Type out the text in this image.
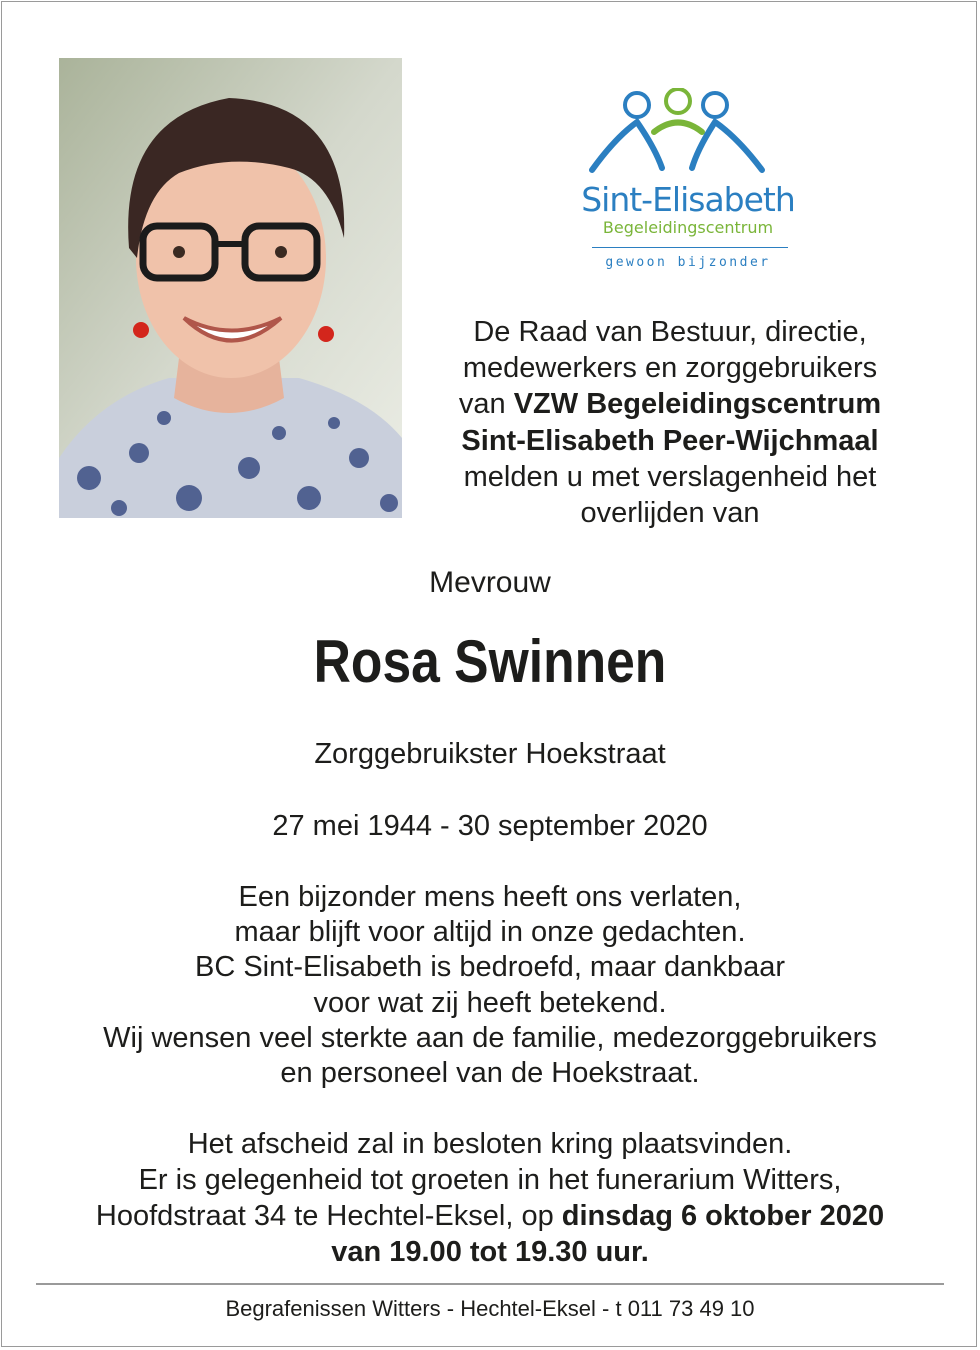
Sint-Elisabeth
Begeleidingscentrum
gewoon bijzonder

De Raad van Bestuur, directie,

medewerkers en zorggebruikers

van VZW Begeleidingscentrum

Sint-Elisabeth Peer-Wijchmaal

melden u met verslagenheid het

overlijden van

Mevrouw
Rosa Swinnen
Zorggebruikster Hoekstraat
27 mei 1944 - 30 september 2020

Een bijzonder mens heeft ons verlaten,

maar blijft voor altijd in onze gedachten.

BC Sint-Elisabeth is bedroefd, maar dankbaar

voor wat zij heeft betekend.

Wij wensen veel sterkte aan de familie, medezorggebruikers

en personeel van de Hoekstraat.

Het afscheid zal in besloten kring plaatsvinden.

Er is gelegenheid tot groeten in het funerarium Witters,

Hoofdstraat 34 te Hechtel-Eksel, op dinsdag 6 oktober 2020

van 19.00 tot 19.30 uur.

Begrafenissen Witters - Hechtel-Eksel - t 011 73 49 10
